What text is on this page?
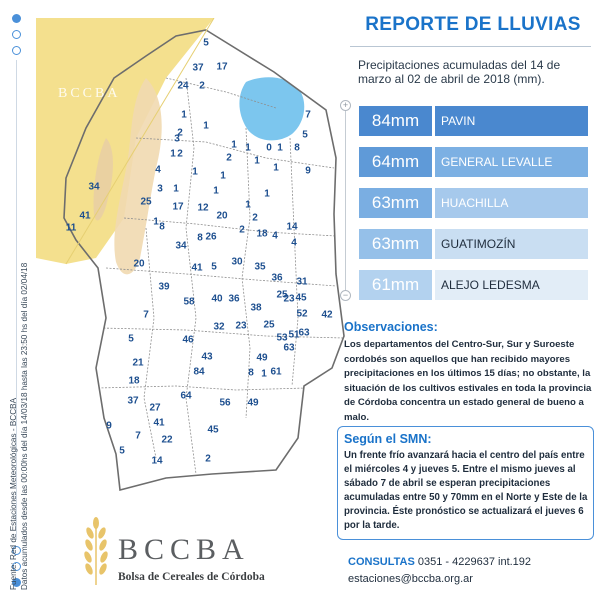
Fuente: Red de Estaciones Meteorológicas - BCCBA Datos acumulados desde las 00:00hs del día 14/03/18 hasta las 23:50 hs del día 02/04/18
BCCBA
5
37 17
24 2
1
3
2
1
1 2
1
2
1	0 1 8
5
7
1
1
1
1
4
3 1
9
34	1	1
1
25 17 12
41
11	8
1
20 2
2
8 26	18
14
4
34	4
20	41 5 30 35
36 31
39
25
23 45
40 36
58
38
52 42
7
32 23 25
5	46	51
63
53
63
43	49
21
84	8 1 61
18
37
27
64
56 49
41
9	45
7 22
5
14	2
REPORTE DE LLUVIAS
Precipitaciones acumuladas del 14 de marzo al 02 de abril de 2018 (mm).
+
−
84mm	PAVIN
64mm	GENERAL LEVALLE
63mm	HUACHILLA
63mm	GUATIMOZÍN
61mm	ALEJO LEDESMA
Observaciones:
Los departamentos del Centro-Sur, Sur y Suroeste cordobés son aquellos que han recibido mayores precipitaciones en los últimos 15 días; no obstante, la situación de los cultivos estivales en toda la provincia de Córdoba concentra un estado general de bueno a malo.
Según el SMN:
Un frente frío avanzará hacia el centro del país entre el miércoles 4 y jueves 5. Entre el mismo jueves al sábado 7 de abril se esperan precipitaciones acumuladas entre 50 y 70mm en el Norte y Este de la provincia. Éste pronóstico se actualizará el jueves 6 por la tarde.
CONSULTAS 0351 - 4229637 int.192
estaciones@bccba.org.ar
BCCBA
Bolsa de Cereales de Córdoba
